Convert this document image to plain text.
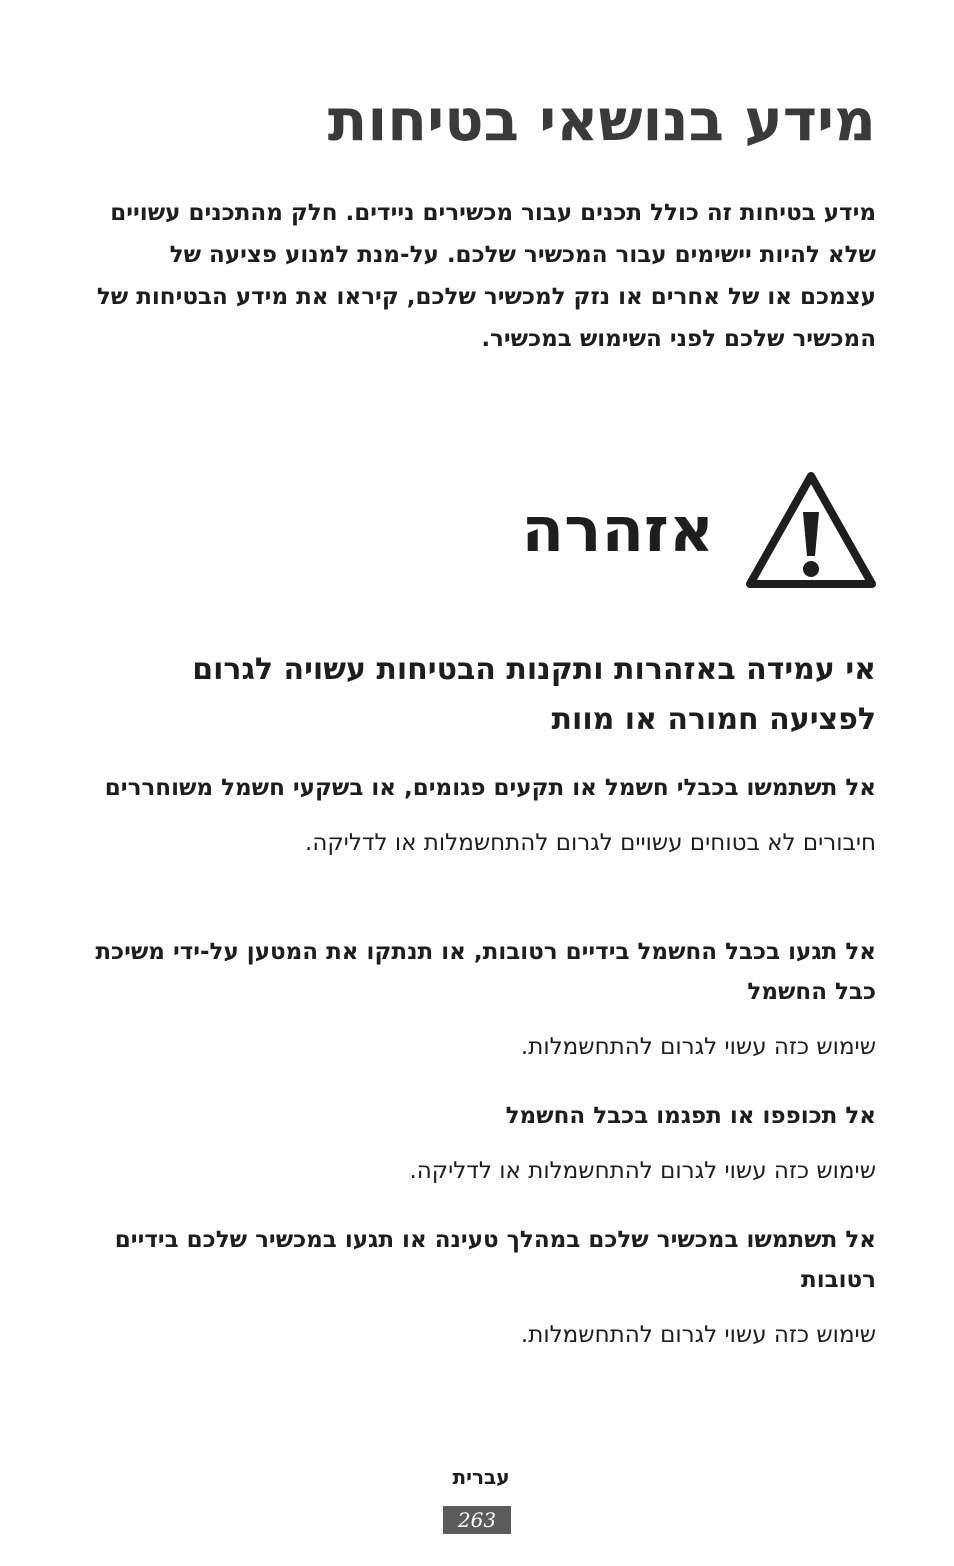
מידע בנושאי בטיחות

מידע בטיחות זה כולל תכנים עבור מכשירים ניידים. חלק מהתכנים עשויים שלא להיות יישימים עבור המכשיר שלכם. על-מנת למנוע פציעה של עצמכם או של אחרים או נזק למכשיר שלכם, קיראו את מידע הבטיחות של המכשיר שלכם לפני השימוש במכשיר.

אזהרה
אי עמידה באזהרות ותקנות הבטיחות עשויה לגרום לפציעה חמורה או מוות

אל תשתמשו בכבלי חשמל או תקעים פגומים, או בשקעי חשמל משוחררים

חיבורים לא בטוחים עשויים לגרום להתחשמלות או לדליקה.

אל תגעו בכבל החשמל בידיים רטובות, או תנתקו את המטען על-ידי משיכת כבל החשמל

שימוש כזה עשוי לגרום להתחשמלות.

אל תכופפו או תפגמו בכבל החשמל

שימוש כזה עשוי לגרום להתחשמלות או לדליקה.

אל תשתמשו במכשיר שלכם במהלך טעינה או תגעו במכשיר שלכם בידיים רטובות

שימוש כזה עשוי לגרום להתחשמלות.

עברית
263
